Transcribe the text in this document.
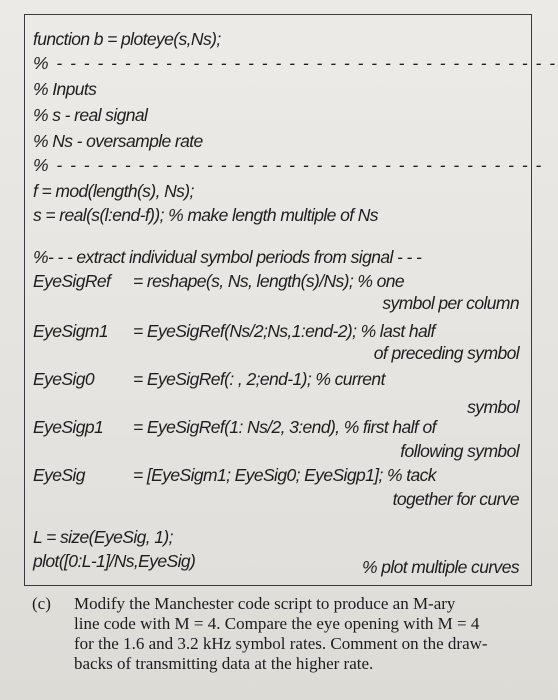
function b = ploteye(s,Ns);
% - - - - - - - - - - - - - - - - - - - - - - - - - - - - - - - - - - - - -
% Inputs
% s - real signal
% Ns - oversample rate
% - - - - - - - - - - - - - - - - - - - - - - - - - - - - - - - - - - - -
f = mod(length(s), Ns);
s = real(s(l:end-f)); % make length multiple of Ns
%- - - extract individual symbol periods from signal - - -
EyeSigRef = reshape(s, Ns, length(s)/Ns); % one
symbol per column
EyeSigm1 = EyeSigRef(Ns/2;Ns,1:end-2); % last half
of preceding symbol
EyeSig0 = EyeSigRef(: , 2;end-1); % current
symbol
EyeSigp1 = EyeSigRef(1: Ns/2, 3:end), % first half of
following symbol
EyeSig	= [EyeSigm1; EyeSig0; EyeSigp1]; % tack
together for curve
L = size(EyeSig, 1);
plot([0:L-1]/Ns,EyeSig)	% plot multiple curves
(c) Modify the Manchester code script to produce an M-ary
line code with M = 4. Compare the eye opening with M = 4
for the 1.6 and 3.2 kHz symbol rates. Comment on the draw-
backs of transmitting data at the higher rate.
